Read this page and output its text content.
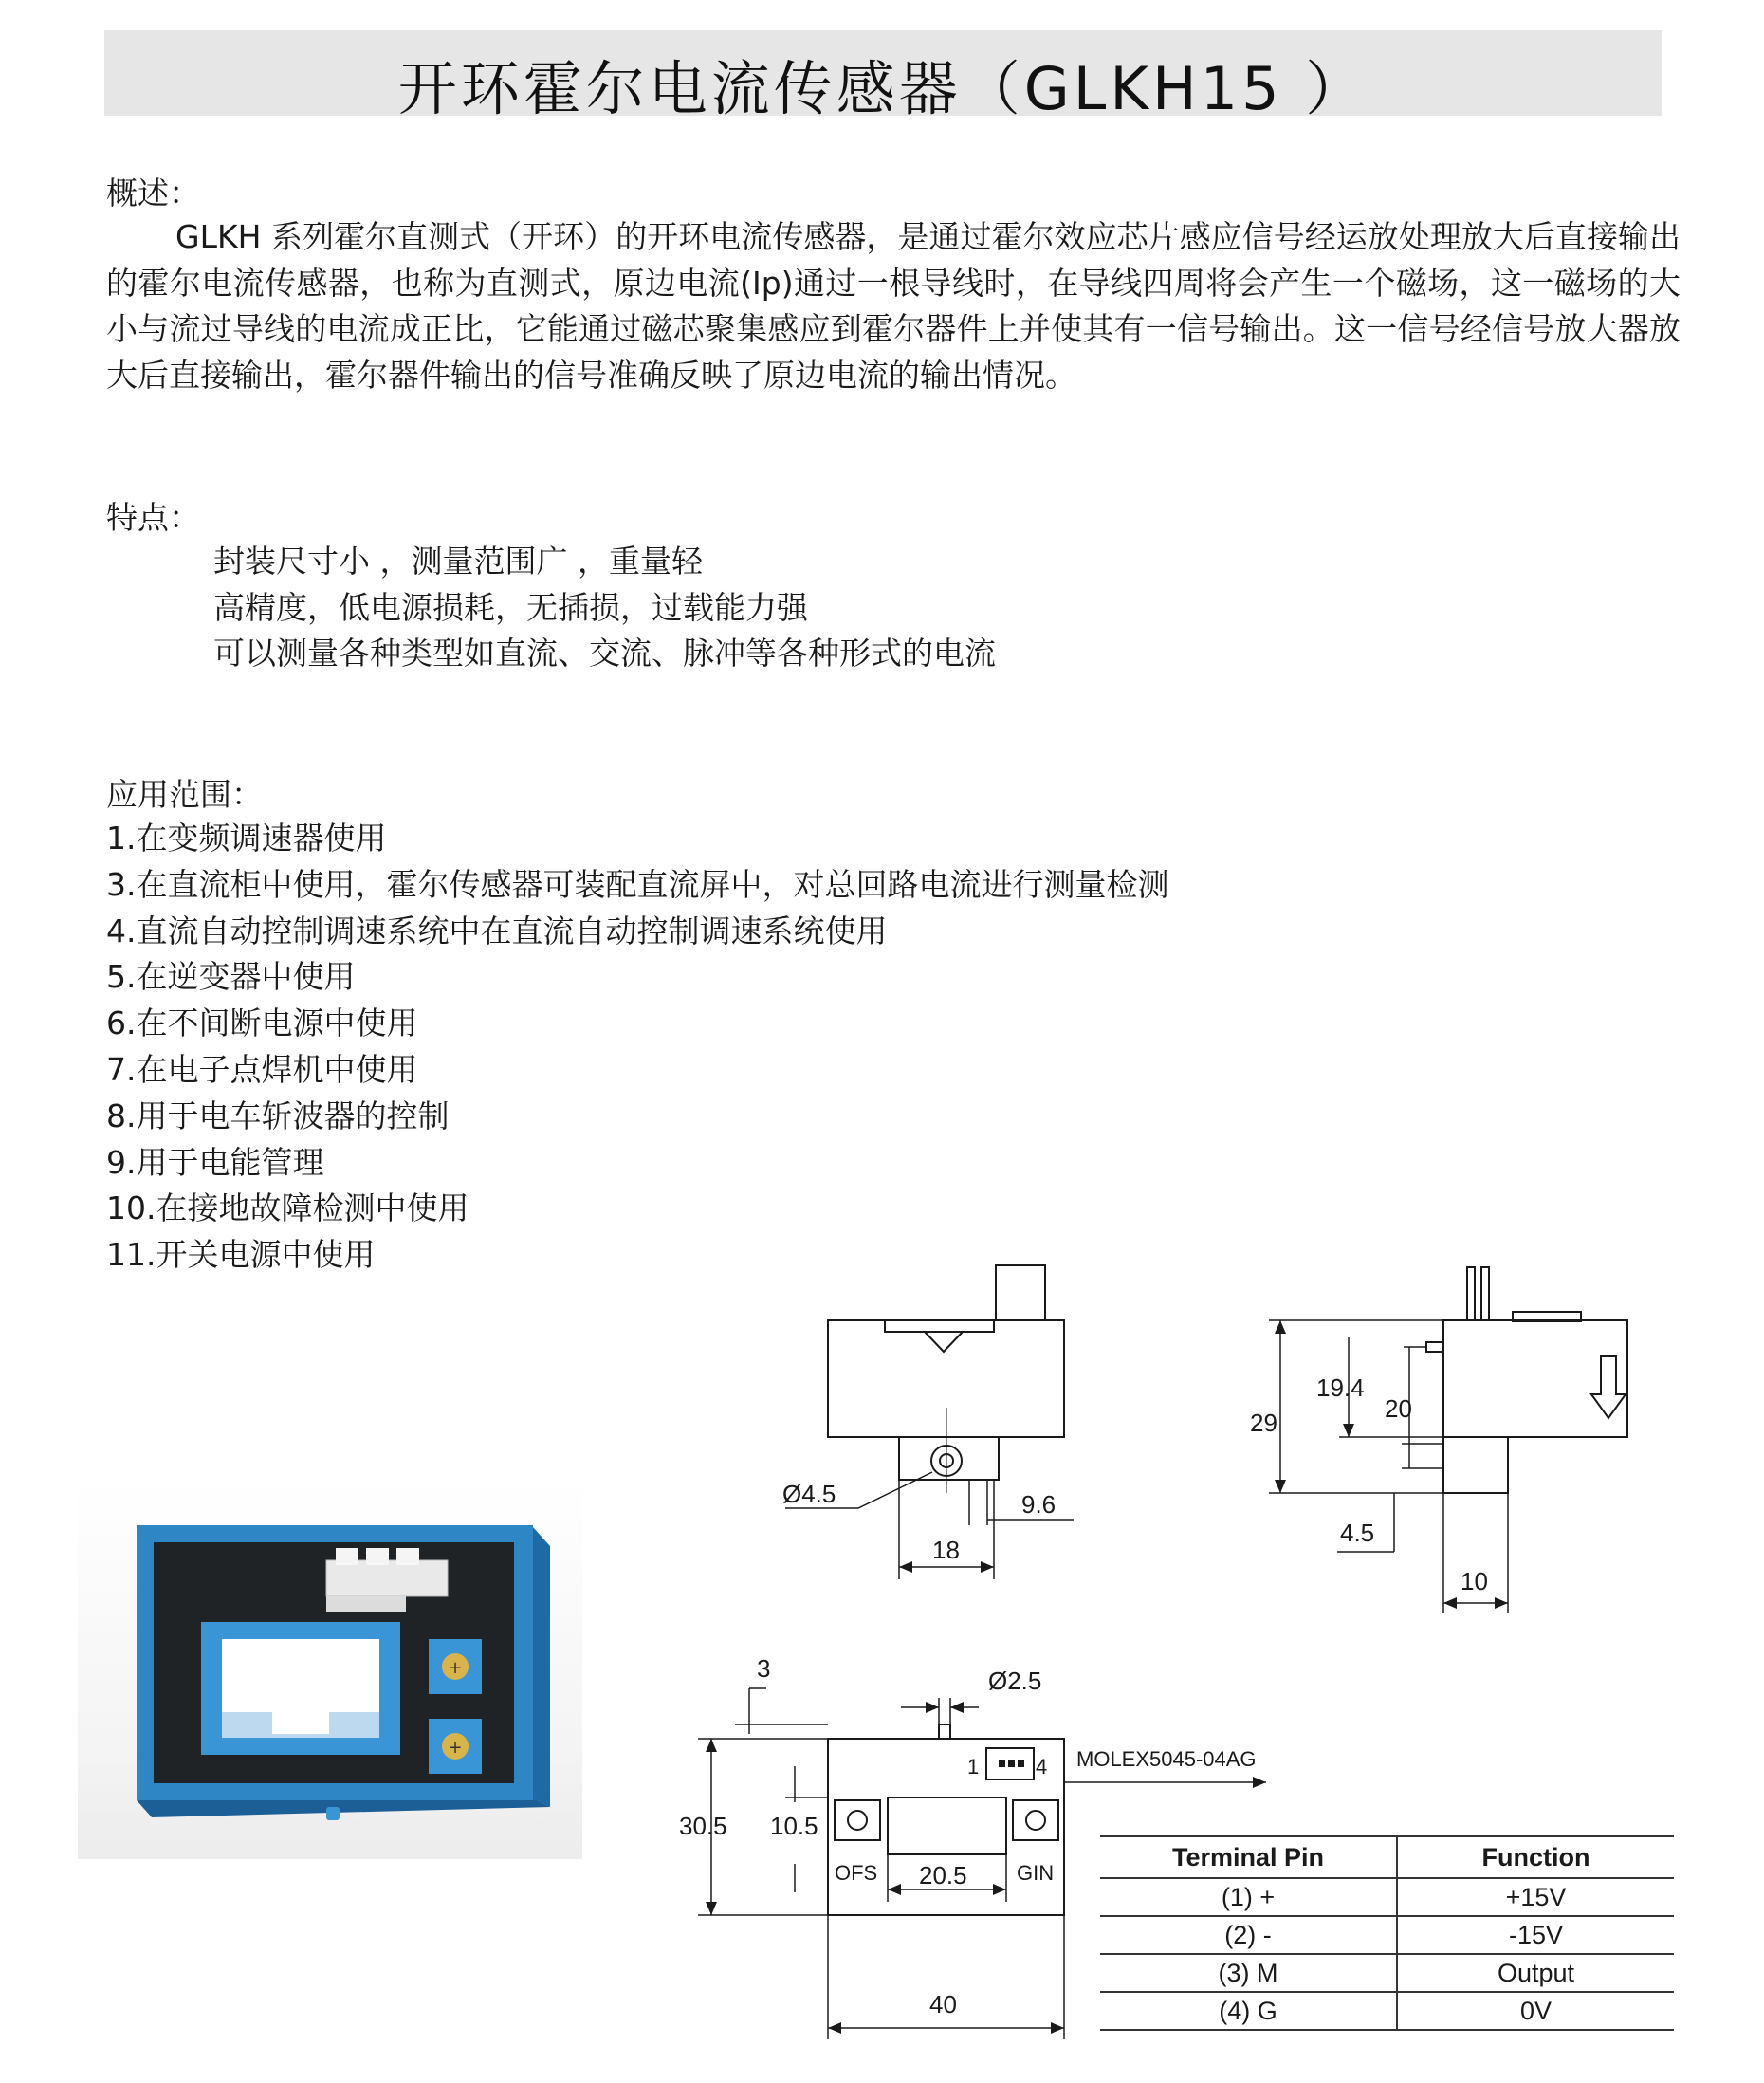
开环霍尔电流传感器（GLKH15 ）
概述：
GLKH 系列霍尔直测式（开环）的开环电流传感器，是通过霍尔效应芯片感应信号经运放处理放大后直接输出的霍尔电流传感器，也称为直测式，原边电流(Ip)通过一根导线时，在导线四周将会产生一个磁场，这一磁场的大小与流过导线的电流成正比，它能通过磁芯聚集感应到霍尔器件上并使其有一信号输出。这一信号经信号放大器放大后直接输出，霍尔器件输出的信号准确反映了原边电流的输出情况。
特点：
封装尺寸小 ，测量范围广 ，重量轻
高精度，低电源损耗，无插损，过载能力强
可以测量各种类型如直流、交流、脉冲等各种形式的电流
应用范围：
1.在变频调速器使用
3.在直流柜中使用，霍尔传感器可装配直流屏中，对总回路电流进行测量检测
4.直流自动控制调速系统中在直流自动控制调速系统使用
5.在逆变器中使用
6.在不间断电源中使用
7.在电子点焊机中使用
8.用于电车斩波器的控制
9.用于电能管理
10.在接地故障检测中使用
11.开关电源中使用
+
+
Ø4.5	9.6
18
19.4
20
29
4.5
10
3	Ø2.5
MOLEX5045-04AG
1	4
30.5 10.5
20.5
40
OFS	GIN
Terminal Pin	Function
(1) +	+15V
(2) -	-15V
(3) M	Output
(4) G	0V
